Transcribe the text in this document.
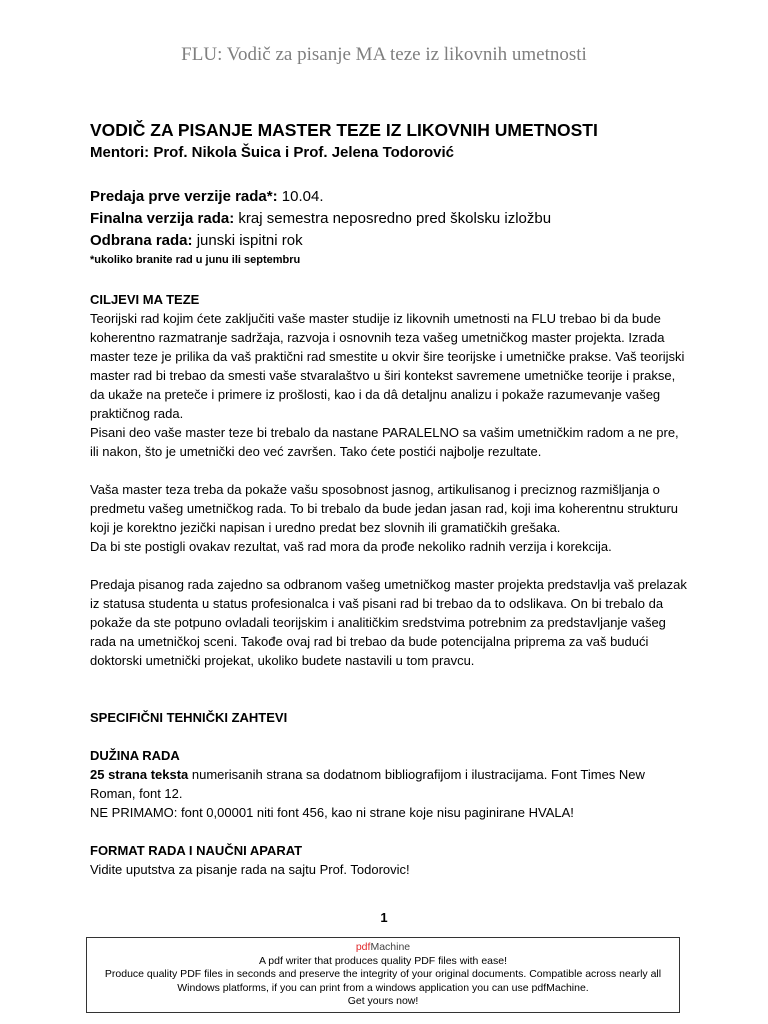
FLU: Vodič za pisanje MA teze iz likovnih umetnosti

VODIČ ZA PISANJE MASTER TEZE IZ LIKOVNIH UMETNOSTI

Mentori: Prof. Nikola Šuica i Prof. Jelena Todorović

Predaja prve verzije rada*: 10.04.

Finalna verzija rada: kraj semestra neposredno pred školsku izložbu

Odbrana rada: junski ispitni rok

*ukoliko branite rad u junu ili septembru

CILJEVI MA TEZE

Teorijski rad kojim ćete zaključiti vaše master studije iz likovnih umetnosti na FLU trebao bi da bude koherentno razmatranje sadržaja, razvoja i osnovnih teza vašeg umetničkog master projekta. Izrada master teze je prilika da vaš praktični rad smestite u okvir šire teorijske i umetničke prakse. Vaš teorijski master rad bi trebao da smesti vaše stvaralaštvo u širi kontekst savremene umetničke teorije i prakse, da ukaže na preteče i primere iz prošlosti, kao i da dâ detaljnu analizu i pokaže razumevanje vašeg praktičnog rada.

Pisani deo vaše master teze bi trebalo da nastane PARALELNO sa vašim umetničkim radom a ne pre, ili nakon, što je umetnički deo već završen. Tako ćete postići najbolje rezultate.

Vaša master teza treba da pokaže vašu sposobnost jasnog, artikulisanog i preciznog razmišljanja o predmetu vašeg umetničkog rada. To bi trebalo da bude jedan jasan rad, koji ima koherentnu strukturu koji je korektno jezički napisan i uredno predat bez slovnih ili gramatičkih grešaka.

Da bi ste postigli ovakav rezultat, vaš rad mora da prođe nekoliko radnih verzija i korekcija.

Predaja pisanog rada zajedno sa odbranom vašeg umetničkog master projekta predstavlja vaš prelazak iz statusa studenta u status profesionalca i vaš pisani rad bi trebao da to odslikava. On bi trebalo da pokaže da ste potpuno ovladali teorijskim i analitičkim sredstvima potrebnim za predstavljanje vašeg rada na umetničkoj sceni. Takođe ovaj rad bi trebao da bude potencijalna priprema za vaš budući doktorski umetnički projekat, ukoliko budete nastavili u tom pravcu.

SPECIFIČNI TEHNIČKI ZAHTEVI

DUŽINA RADA

25 strana teksta numerisanih strana sa dodatnom bibliografijom i ilustracijama. Font Times New Roman, font 12.

NE PRIMAMO: font 0,00001 niti font 456, kao ni strane koje nisu paginirane HVALA!

FORMAT RADA I NAUČNI APARAT

Vidite uputstva za pisanje rada na sajtu Prof. Todorovic!

1
pdfMachine
A pdf writer that produces quality PDF files with ease!
Produce quality PDF files in seconds and preserve the integrity of your original documents. Compatible across nearly all Windows platforms, if you can print from a windows application you can use pdfMachine.
Get yours now!
